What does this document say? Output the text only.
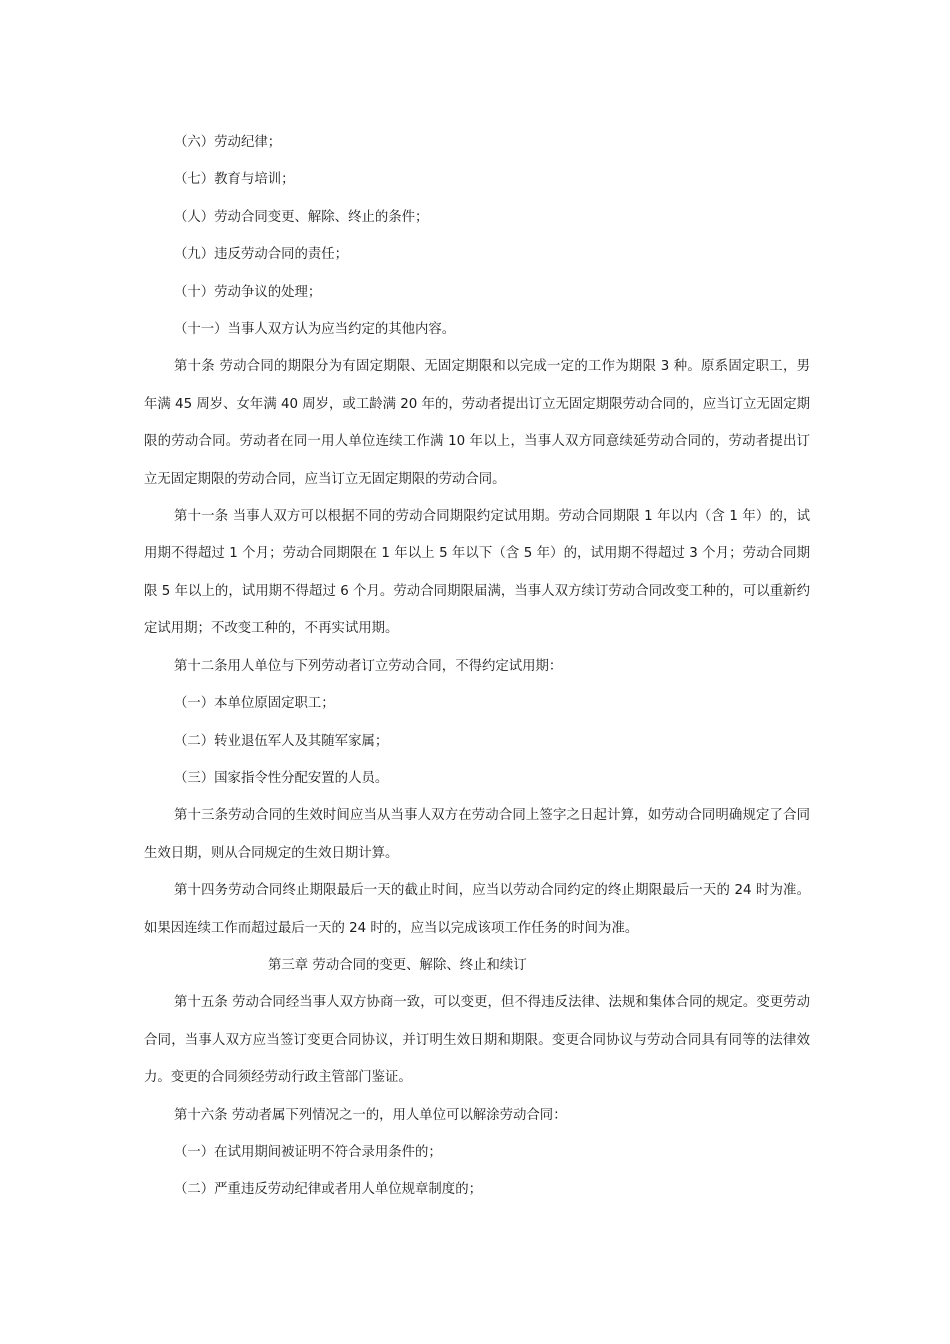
（六）劳动纪律；

（七）教育与培训；

（人）劳动合同变更、解除、终止的条件；

（九）违反劳动合同的责任；

（十）劳动争议的处理；

（十一）当事人双方认为应当约定的其他内容。

第十条 劳动合同的期限分为有固定期限、无固定期限和以完成一定的工作为期限 3 种。原系固定职工，男年满 45 周岁、女年满 40 周岁，或工龄满 20 年的，劳动者提出订立无固定期限劳动合同的，应当订立无固定期限的劳动合同。劳动者在同一用人单位连续工作满 10 年以上，当事人双方同意续延劳动合同的，劳动者提出订立无固定期限的劳动合同，应当订立无固定期限的劳动合同。

第十一条 当事人双方可以根据不同的劳动合同期限约定试用期。劳动合同期限 1 年以内（含 1 年）的，试用期不得超过 1 个月；劳动合同期限在 1 年以上 5 年以下（含 5 年）的，试用期不得超过 3 个月；劳动合同期限 5 年以上的，试用期不得超过 6 个月。劳动合同期限届满，当事人双方续订劳动合同改变工种的，可以重新约定试用期；不改变工种的，不再实试用期。

第十二条用人单位与下列劳动者订立劳动合同，不得约定试用期：

（一）本单位原固定职工；

（二）转业退伍军人及其随军家属；

（三）国家指令性分配安置的人员。

第十三条劳动合同的生效时间应当从当事人双方在劳动合同上签字之日起计算，如劳动合同明确规定了合同生效日期，则从合同规定的生效日期计算。

第十四务劳动合同终止期限最后一天的截止时间，应当以劳动合同约定的终止期限最后一天的 24 时为准。如果因连续工作而超过最后一天的 24 时的，应当以完成该项工作任务的时间为准。

第三章 劳动合同的变更、解除、终止和续订

第十五条 劳动合同经当事人双方协商一致，可以变更，但不得违反法律、法规和集体合同的规定。变更劳动合同，当事人双方应当签订变更合同协议，并订明生效日期和期限。变更合同协议与劳动合同具有同等的法律效力。变更的合同须经劳动行政主管部门鉴证。

第十六条 劳动者属下列情况之一的，用人单位可以解涂劳动合同：

（一）在试用期间被证明不符合录用条件的；

（二）严重违反劳动纪律或者用人单位规章制度的；
